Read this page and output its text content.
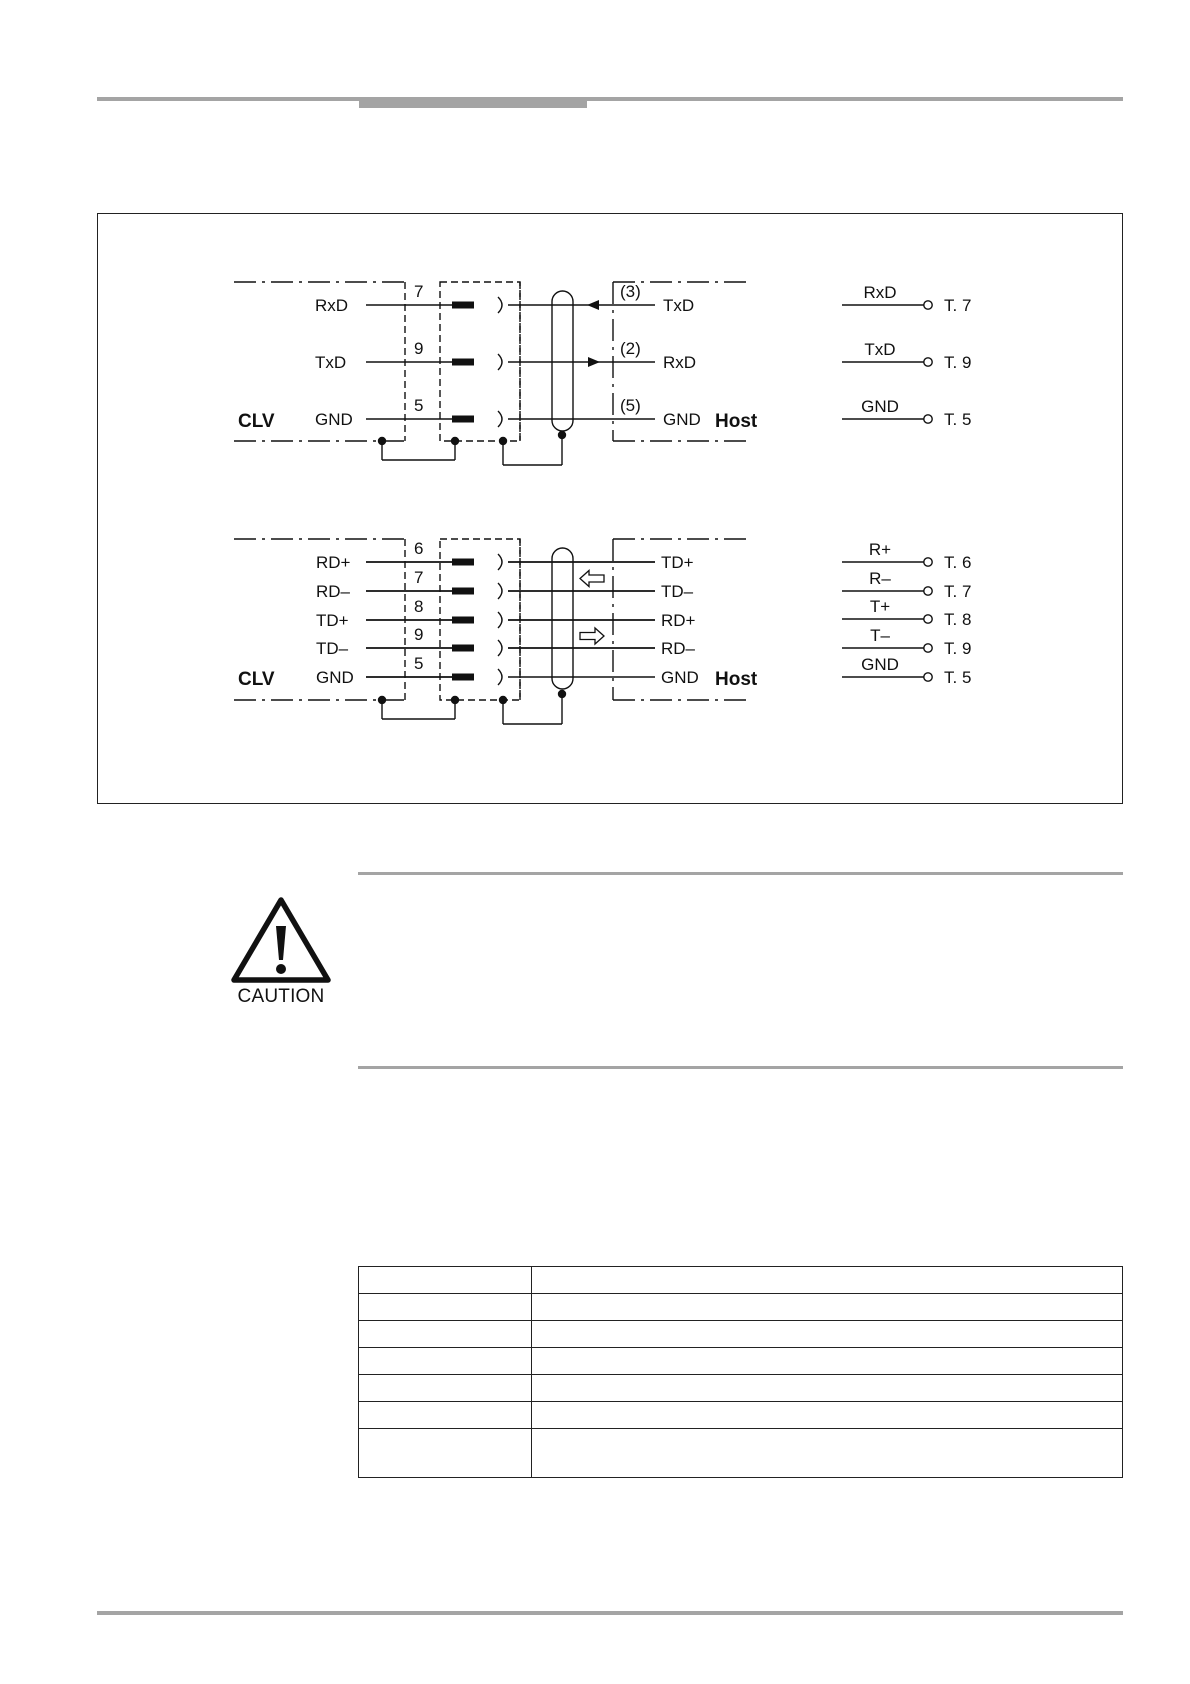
CLV	Host
RxD
7	(3)
TxD
TxD
9	(2)
RxD
GND
5	(5)
GND
CLV	Host
RD+
6
TD+
RD–
7
TD–
TD+
8
RD+
TD–
9
RD–
GND
5
GND
RxD
T. 7
TxD
T. 9
GND
T. 5
R+
T. 6
R–
T. 7
T+
T. 8
T–
T. 9
GND
T. 5
CAUTION
